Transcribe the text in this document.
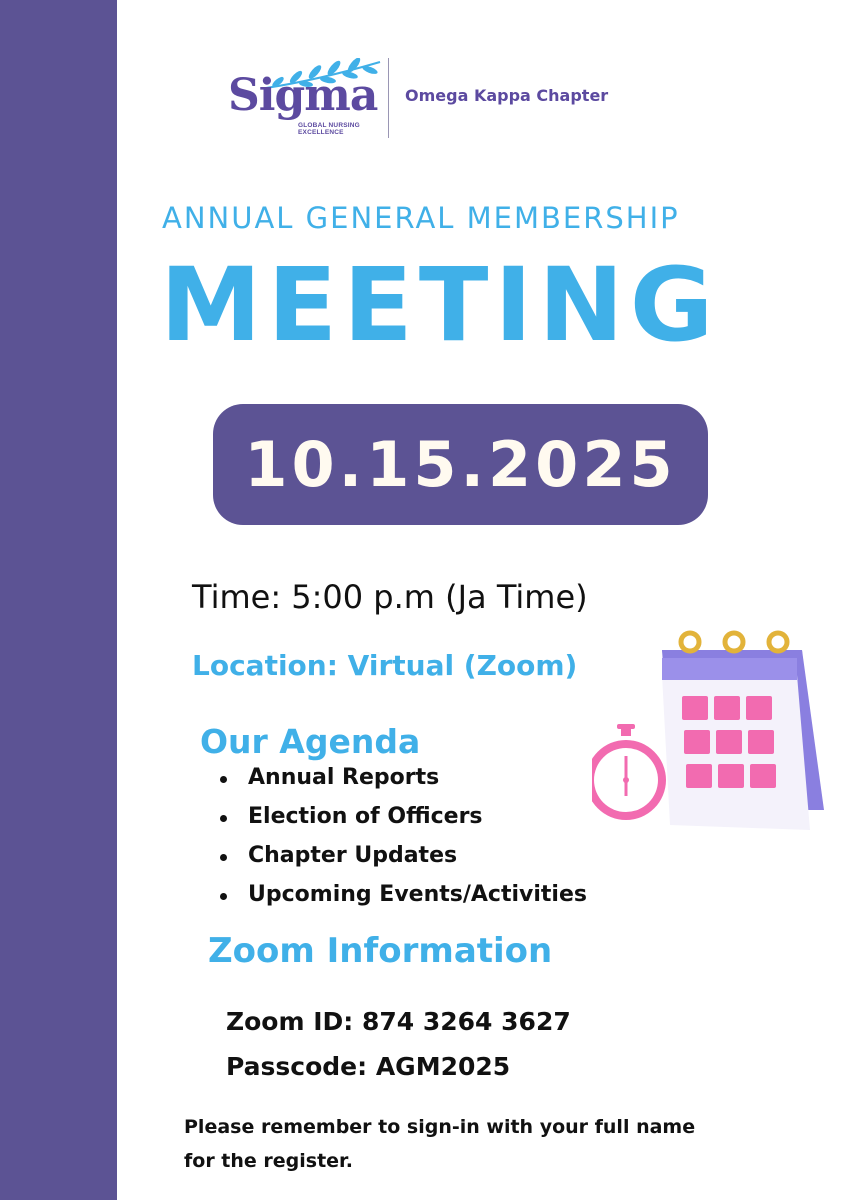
Sigma
GLOBAL NURSING
EXCELLENCE
Omega Kappa Chapter
ANNUAL GENERAL MEMBERSHIP
MEETING
10.15.2025
Time: 5:00 p.m (Ja Time)
Location: Virtual (Zoom)
Our Agenda
Annual Reports
Election of Officers
Chapter Updates
Upcoming Events/Activities
Zoom Information
Zoom ID: 874 3264 3627
Passcode: AGM2025
Please remember to sign-in with your full name for the register.
